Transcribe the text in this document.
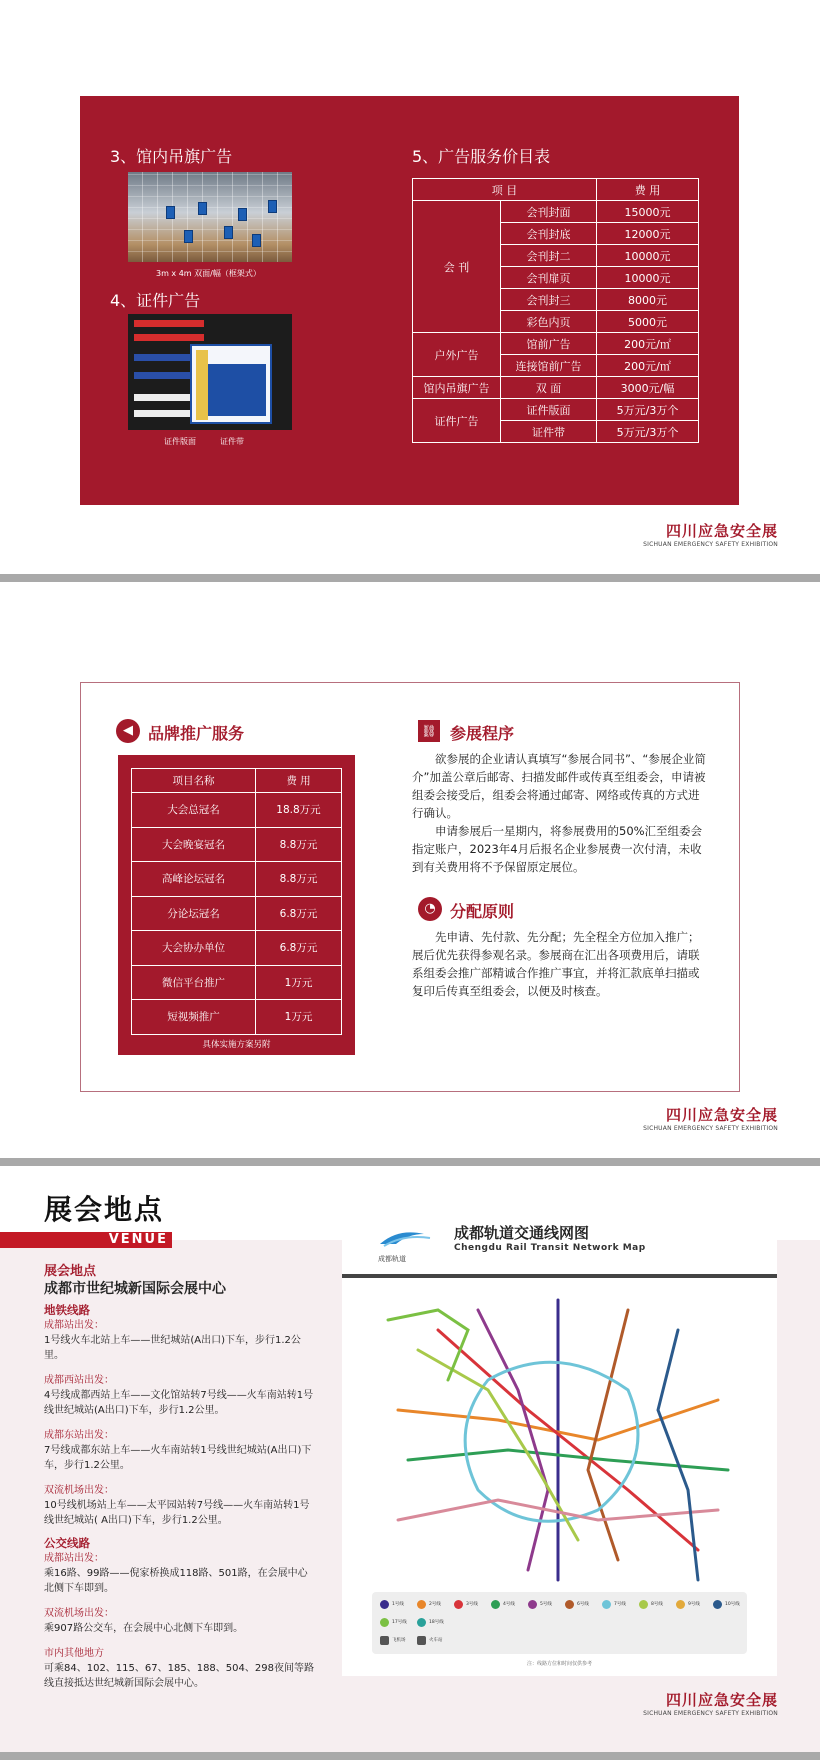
3、馆内吊旗广告
3m x 4m 双面/幅（框架式）
4、证件广告
证件版面	证件带
5、广告服务价目表
项 目		费 用
会 刊	会刊封面	15000元
	会刊封底	12000元
	会刊封二	10000元
	会刊扉页	10000元
	会刊封三	8000元
	彩色内页	5000元
户外广告	馆前广告	200元/㎡
	连接馆前广告	200元/㎡
馆内吊旗广告	双 面	3000元/幅
证件广告	证件版面	5万元/3万个
	证件带	5万元/3万个
四川应急安全展
SICHUAN EMERGENCY SAFETY EXHIBITION
◀ 品牌推广服务
项目名称	费 用
大会总冠名	18.8万元
大会晚宴冠名	8.8万元
高峰论坛冠名	8.8万元
分论坛冠名	6.8万元
大会协办单位	6.8万元
微信平台推广	1万元
短视频推广	1万元
具体实施方案另附
⛓ 参展程序
欲参展的企业请认真填写“参展合同书”、“参展企业简介”加盖公章后邮寄、扫描发邮件或传真至组委会，申请被组委会接受后，组委会将通过邮寄、网络或传真的方式进行确认。
申请参展后一星期内，将参展费用的50%汇至组委会指定账户，2023年4月后报名企业参展费一次付清，未收到有关费用将不予保留原定展位。
◔ 分配原则
先申请、先付款、先分配；先全程全方位加入推广；展后优先获得参观名录。参展商在汇出各项费用后，请联系组委会推广部精诚合作推广事宜，并将汇款底单扫描或复印后传真至组委会，以便及时核查。
四川应急安全展
SICHUAN EMERGENCY SAFETY EXHIBITION
展会地点
VENUE
展会地点
成都市世纪城新国际会展中心
地铁线路
成都站出发：
1号线火车北站上车——世纪城站(A出口)下车，步行1.2公里。
成都西站出发：
4号线成都西站上车——文化馆站转7号线——火车南站转1号线世纪城站(A出口)下车，步行1.2公里。
成都东站出发：
7号线成都东站上车——火车南站转1号线世纪城站(A出口)下车，步行1.2公里。
双流机场出发：
10号线机场站上车——太平园站转7号线——火车南站转1号线世纪城站( A出口)下车，步行1.2公里。
公交线路
成都站出发：
乘16路、99路——倪家桥换成118路、501路，在会展中心北侧下车即到。
双流机场出发：
乘907路公交车，在会展中心北侧下车即到。
市内其他地方
可乘84、102、115、67、185、188、504、298夜间等路线直接抵达世纪城新国际会展中心。
成都轨道
成都轨道交通线网图
Chengdu Rail Transit Network Map
1号线	2号线	3号线	4号线	5号线	6号线	7号线	8号线	9号线	10号线
17号线	18号线
飞机场	火车站
注：线路方位和时间仅供参考
四川应急安全展
SICHUAN EMERGENCY SAFETY EXHIBITION
